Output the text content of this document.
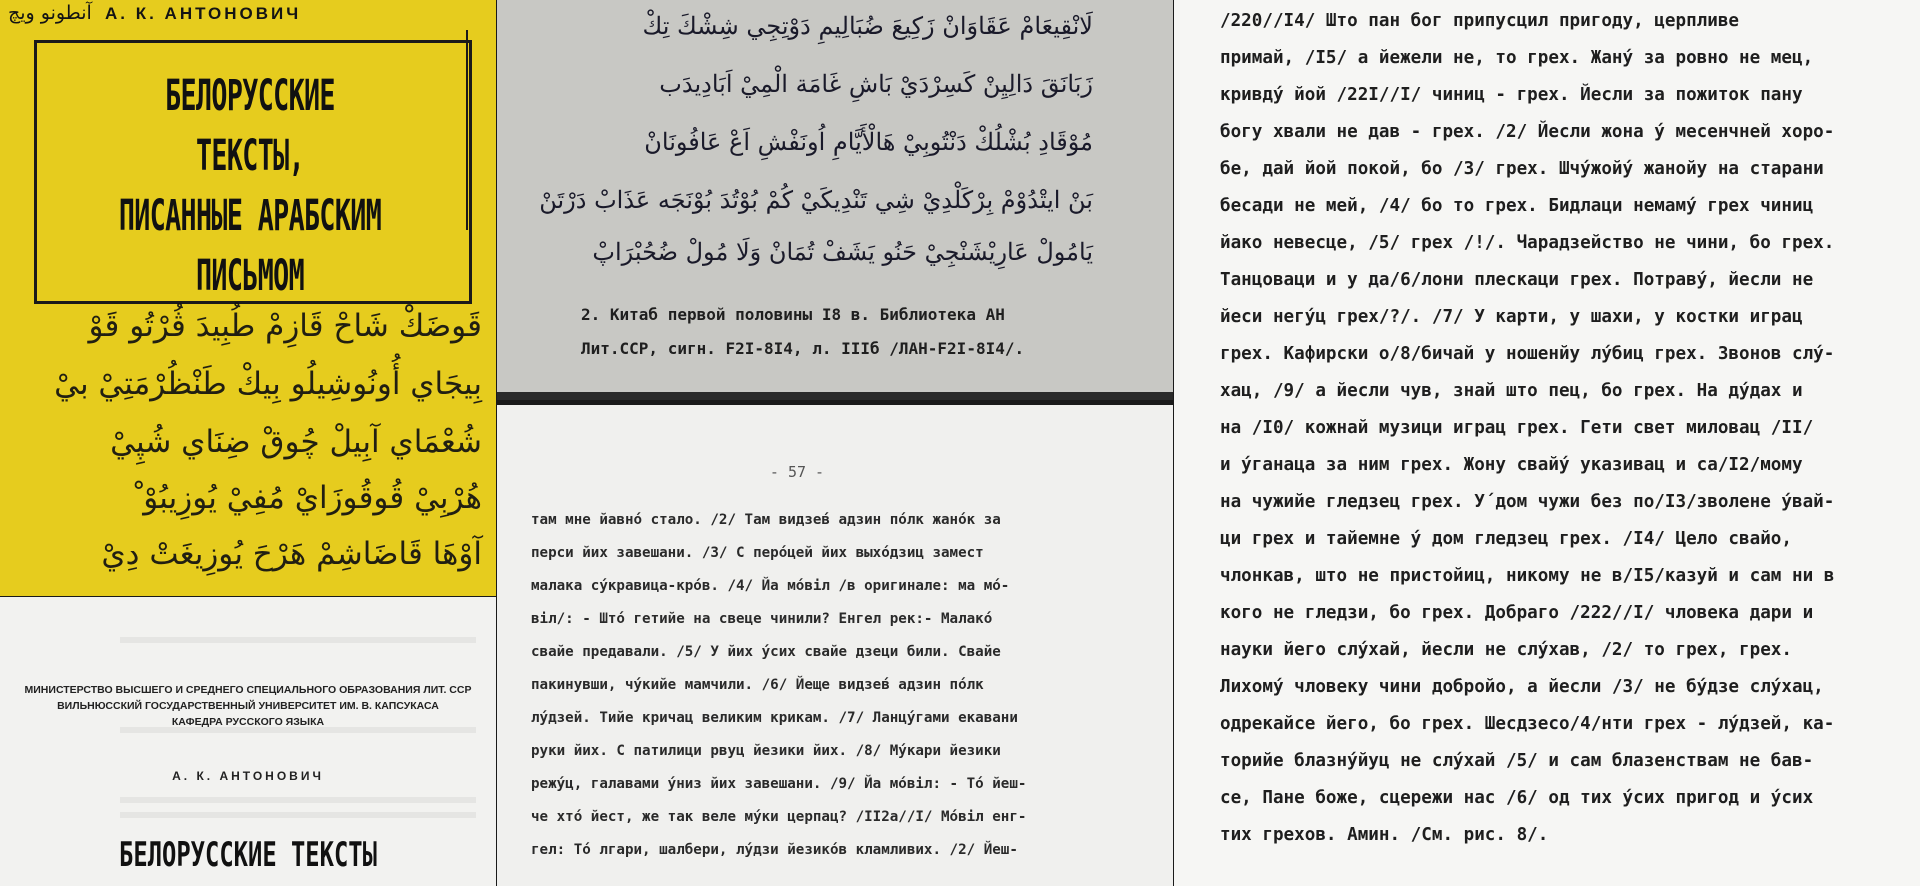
آنطونو ویچ А. К. АНТОНОВИЧ
БЕЛОРУССКИЕ ТЕКСТЫ,
ПИСАННЫЕ АРАБСКИМ
ПИСЬМОМ
قَوضَكْ شَاحْ قَازِمْ طُبِيدَ ڤُرْتُو قَوْ
بِيجَاي أُونُوشِيلُو بِيكْ طَنْظُرْمَتِيْ بيْ
شُعْمَاي آبِيلْ چُوقْ ضِنَاي شُپِيْ
هُرْبِيْ قُوقُوزَايْ مُفِيْ يُوزِيبُوْ ْ
آوْهَا قَاضَاشِمْ هَرْحَ يُوزِيغَتْ دِيْ
МИНИСТЕРСТВО ВЫСШЕГО И СРЕДНЕГО СПЕЦИАЛЬНОГО ОБРАЗОВАНИЯ ЛИТ. ССР
ВИЛЬНЮССКИЙ ГОСУДАРСТВЕННЫЙ УНИВЕРСИТЕТ ИМ. В. КАПСУКАСА
КАФЕДРА РУССКОГО ЯЗЫКА
А. К. АНТОНОВИЧ
БЕЛОРУССКИЕ ТЕКСТЫ
لَانْقِيعَامْ عَقَاوَانْ زَكِيعَ ضُبَالِيمِ دَوْتِجِي شِشْكَ تِكْ
زَبَانَقَ دَالِيِنْ كَسِرْدَيْ بَاشِ غَامَة الْمِيْ اَبَادِيدَب
مُوْقَادِ بُشْلُكْ دَنْتُوبِيْ هَالْأَيَّامِ اُونَفْشِ اَعْ عَافُونَانْ
بَنْ ايتْدُوْمْ بِرْكَلْدِيْ شِي تَنْدِيكَيْ كُمْ بُوْتُدَ بُوْنَجَه عَذَابْ دَرْتَنْ
يَامُولْ عَارِيْشَنْجِيْ حَنُو يَشَفْ تُمَانْ وَلَا مُولْ ضُحُبْرَاپْ
2. Китаб первой половины I8 в. Библиотека АН
Лит.ССР, сигн. F2I-8I4, л. IIIб /ЛАН-F2I-8I4/.
- 57 -
там мне йавно́ стало. /2/ Там видзев́ адзин по́лк жано́к за
перси йих завешани. /3/ С перо́цей йих выхо́дзиц замест
малака су́кравица-кро́в. /4/ Йа мо́віл /в оригинале: ма мо́-
віл/: - Што́ гетийе на свеце чинили? Енгел рек:- Малако́
свайе предавали. /5/ У йих у́сих свайе дзеци били. Свайе
пакинувши, чу́кийе мамчили. /6/ Йеще видзев́ адзин по́лк
лу́дзей. Тийе кричац великим крикам. /7/ Ланцу́гами екавани
руки йих. С патилици рвуц йезики йих. /8/ Му́кари йезики
режу́ц, галавами у́низ йих завешани. /9/ Йа мо́віл: - То́ йеш-
че хто́ йест, же так веле му́ки церпац? /II2а//I/ Мо́віл енг-
гел: То́ лгари, шалбери, лу́дзи йезико́в кламливих. /2/ Йеш-
/220//I4/ Што пан бог припусцил пригоду, церпливе
примай, /I5/ а йежели не, то грех. Жану́ за ровно не мец,
кривду́ йой /22I//I/ чиниц - грех. Йесли за пожиток пану
богу хвали не дав - грех. /2/ Йесли жона у́ месенчней хоро-
бе, дай йой покой, бо /3/ грех. Шчу́жойу́ жанойу на старани
бесади не мей, /4/ бо то грех. Бидлаци немаму́ грех чиниц
йако невесце, /5/ грех /!/. Чарадзейство не чини, бо грех.
Танцоваци и у да/6/лони плескаци грех. Потраву́, йесли не
йеси негу́ц грех/?/. /7/ У карти, у шахи, у костки играц
грех. Кафирски о/8/бичай у ношенйу лу́биц грех. Звонов слу́-
хац, /9/ а йесли чув, знай што пец, бо грех. На ду́дах и
на /I0/ кожнай музици играц грех. Гети свет миловац /II/
и у́ганаца за ним грех. Жону свайу́ указивац и са/I2/мому
на чужийе гледзец грех. У́ дом чужи без по/I3/зволене у́вай-
ци грех и тайемне у́ дом гледзец грех. /I4/ Цело свайо,
члонкав, што не пристойиц, никому не в/I5/казуй и сам ни в
кого не гледзи, бо грех. Добраго /222//I/ чловека дари и
науки йего слу́хай, йесли не слу́хав, /2/ то грех, грех.
Лихому́ чловеку чини добройо, а йесли /3/ не бу́дзе слу́хац,
одрекайсе йего, бо грех. Шесдзесо/4/нти грех - лу́дзей, ка-
торийе блазну́йуц не слу́хай /5/ и сам блазенствам не бав-
се, Пане боже, сцережи нас /6/ од тих у́сих пригод и у́сих
тих грехов. Амин. /См. рис. 8/.
